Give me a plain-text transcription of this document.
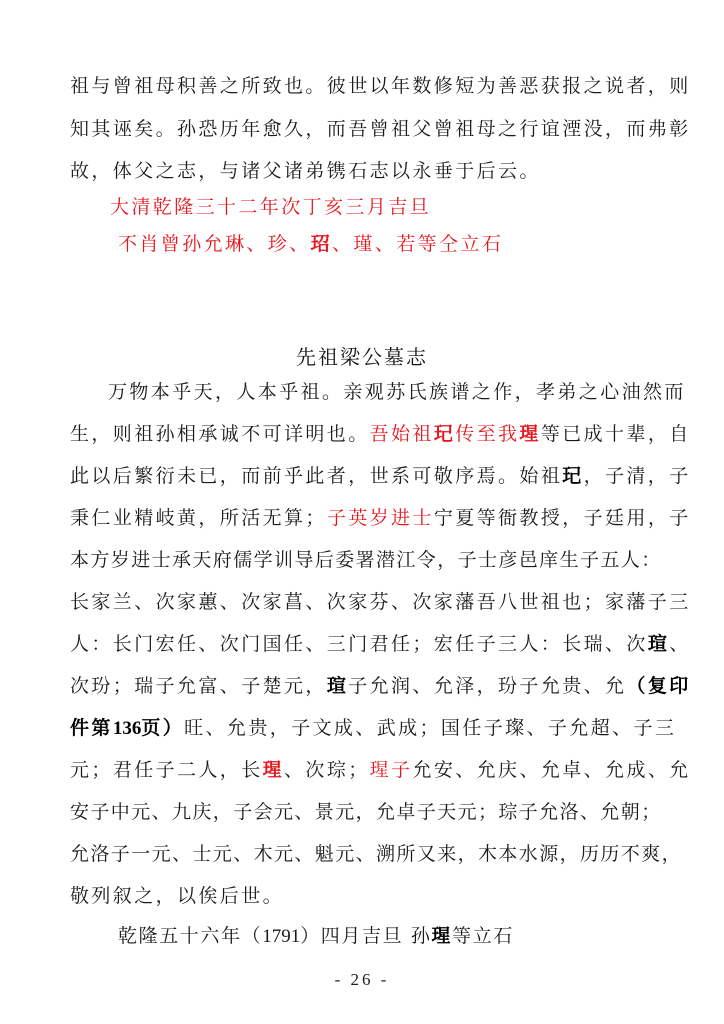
祖与曾祖母积善之所致也。彼世以年数修短为善恶获报之说者，则
知其诬矣。孙恐历年愈久，而吾曾祖父曾祖母之行谊湮没，而弗彰
故，体父之志，与诸父诸弟镌石志以永垂于后云。
大清乾隆三十二年次丁亥三月吉旦
不肖曾孙允琳、珍、玿、瑾、若等仝立石
先祖梁公墓志
万物本乎天，人本乎祖。亲观苏氏族谱之作，孝弟之心油然而
生，则祖孙相承诚不可详明也。吾始祖玘传至我瑆等已成十辈，自
此以后繁衍未已，而前乎此者，世系可敬序焉。始祖玘，子清，子
秉仁业精岐黄，所活无算；子英岁进士宁夏等衙教授，子廷用，子
本方岁进士承天府儒学训导后委署潜江令，子士彦邑庠生子五人：
长家兰、次家蕙、次家菖、次家芬、次家藩吾八世祖也；家藩子三
人：长门宏任、次门国任、三门君任；宏任子三人：长瑞、次瑄、
次玢；瑞子允富、子楚元，瑄子允润、允泽，玢子允贵、允（复印
件第136页）旺、允贵，子文成、武成；国任子璨、子允超、子三
元；君任子二人，长瑆、次琮；瑆子允安、允庆、允卓、允成、允
安子中元、九庆，子会元、景元，允卓子天元；琮子允洛、允朝；
允洛子一元、士元、木元、魁元、溯所又来，木本水源，历历不爽，
敬列叙之，以俟后世。
乾隆五十六年（1791）四月吉旦 孙瑆等立石
- 26 -
